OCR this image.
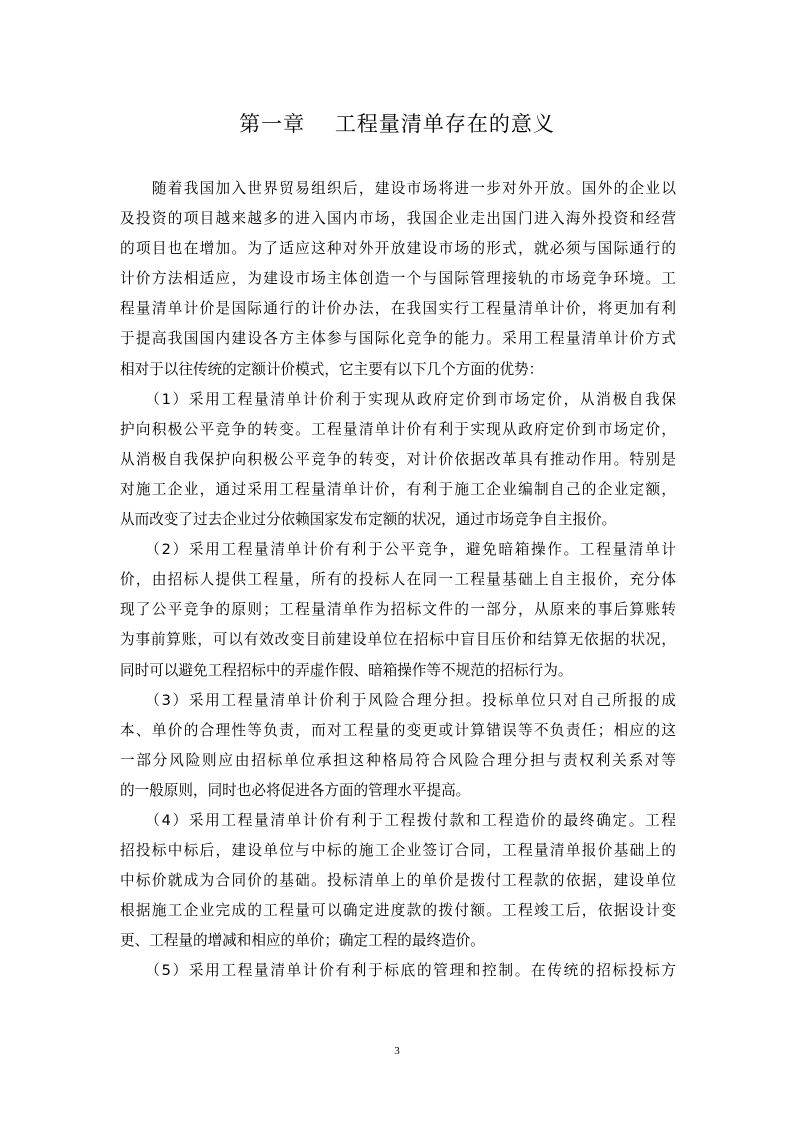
第一章　 工程量清单存在的意义
　　随着我国加入世界贸易组织后，建设市场将进一步对外开放。国外的企业以
及投资的项目越来越多的进入国内市场，我国企业走出国门进入海外投资和经营
的项目也在增加。为了适应这种对外开放建设市场的形式，就必须与国际通行的
计价方法相适应，为建设市场主体创造一个与国际管理接轨的市场竞争环境。工
程量清单计价是国际通行的计价办法，在我国实行工程量清单计价，将更加有利
于提高我国国内建设各方主体参与国际化竞争的能力。采用工程量清单计价方式
相对于以往传统的定额计价模式，它主要有以下几个方面的优势：
　　（1）采用工程量清单计价利于实现从政府定价到市场定价，从消极自我保
护向积极公平竞争的转变。工程量清单计价有利于实现从政府定价到市场定价，
从消极自我保护向积极公平竞争的转变，对计价依据改革具有推动作用。特别是
对施工企业，通过采用工程量清单计价，有利于施工企业编制自己的企业定额，
从而改变了过去企业过分依赖国家发布定额的状况，通过市场竞争自主报价。
　　（2）采用工程量清单计价有利于公平竞争，避免暗箱操作。工程量清单计
价，由招标人提供工程量，所有的投标人在同一工程量基础上自主报价，充分体
现了公平竞争的原则；工程量清单作为招标文件的一部分，从原来的事后算账转
为事前算账，可以有效改变目前建设单位在招标中盲目压价和结算无依据的状况，
同时可以避免工程招标中的弄虚作假、暗箱操作等不规范的招标行为。
　　（3）采用工程量清单计价利于风险合理分担。投标单位只对自己所报的成
本、单价的合理性等负责，而对工程量的变更或计算错误等不负责任；相应的这
一部分风险则应由招标单位承担这种格局符合风险合理分担与责权利关系对等
的一般原则，同时也必将促进各方面的管理水平提高。
　　（4）采用工程量清单计价有利于工程拨付款和工程造价的最终确定。工程
招投标中标后，建设单位与中标的施工企业签订合同，工程量清单报价基础上的
中标价就成为合同价的基础。投标清单上的单价是拨付工程款的依据，建设单位
根据施工企业完成的工程量可以确定进度款的拨付额。工程竣工后，依据设计变
更、工程量的增减和相应的单价；确定工程的最终造价。
　　（5）采用工程量清单计价有利于标底的管理和控制。在传统的招标投标方
3
